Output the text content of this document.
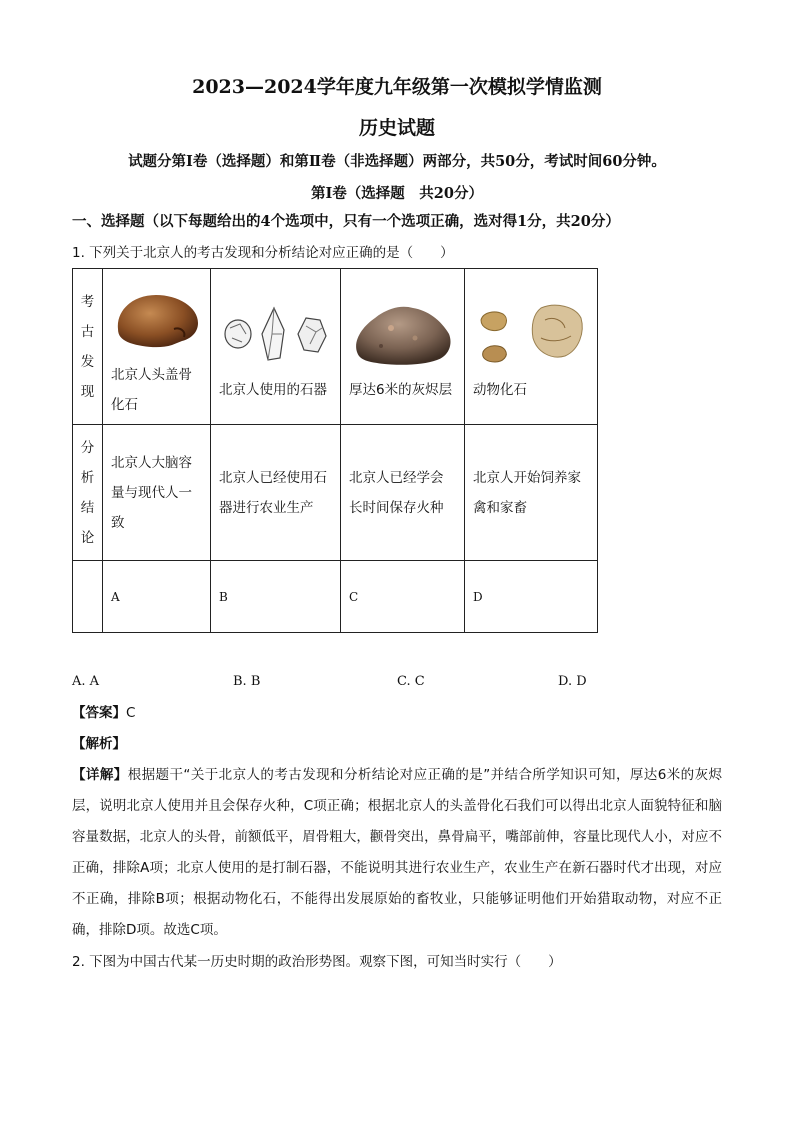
2023—2024学年度九年级第一次模拟学情监测
历史试题
试题分第Ⅰ卷（选择题）和第Ⅱ卷（非选择题）两部分，共50分，考试时间60分钟。
第Ⅰ卷（选择题　共20分）
一、选择题（以下每题给出的4个选项中，只有一个选项正确，选对得1分，共20分）
1. 下列关于北京人的考古发现和分析结论对应正确的是（　　）
考
古
发
现	北京人头盖骨化石	北京人使用的石器	厚达6米的灰烬层	动物化石

分
析
结
论	北京人大脑容量与现代人一致	北京人已经使用石器进行农业生产	北京人已经学会长时间保存火种	北京人开始饲养家禽和家畜

	A	B	C	D
A. A	B. B	C. C	D. D
【答案】C
【解析】
【详解】根据题干“关于北京人的考古发现和分析结论对应正确的是”并结合所学知识可知，厚达6米的灰烬层，说明北京人使用并且会保存火种，C项正确；根据北京人的头盖骨化石我们可以得出北京人面貌特征和脑容量数据，北京人的头骨，前额低平，眉骨粗大，颧骨突出，鼻骨扁平，嘴部前伸，容量比现代人小，对应不正确，排除A项；北京人使用的是打制石器，不能说明其进行农业生产，农业生产在新石器时代才出现，对应不正确，排除B项；根据动物化石，不能得出发展原始的畜牧业，只能够证明他们开始猎取动物，对应不正确，排除D项。故选C项。
2. 下图为中国古代某一历史时期的政治形势图。观察下图，可知当时实行（　　）
